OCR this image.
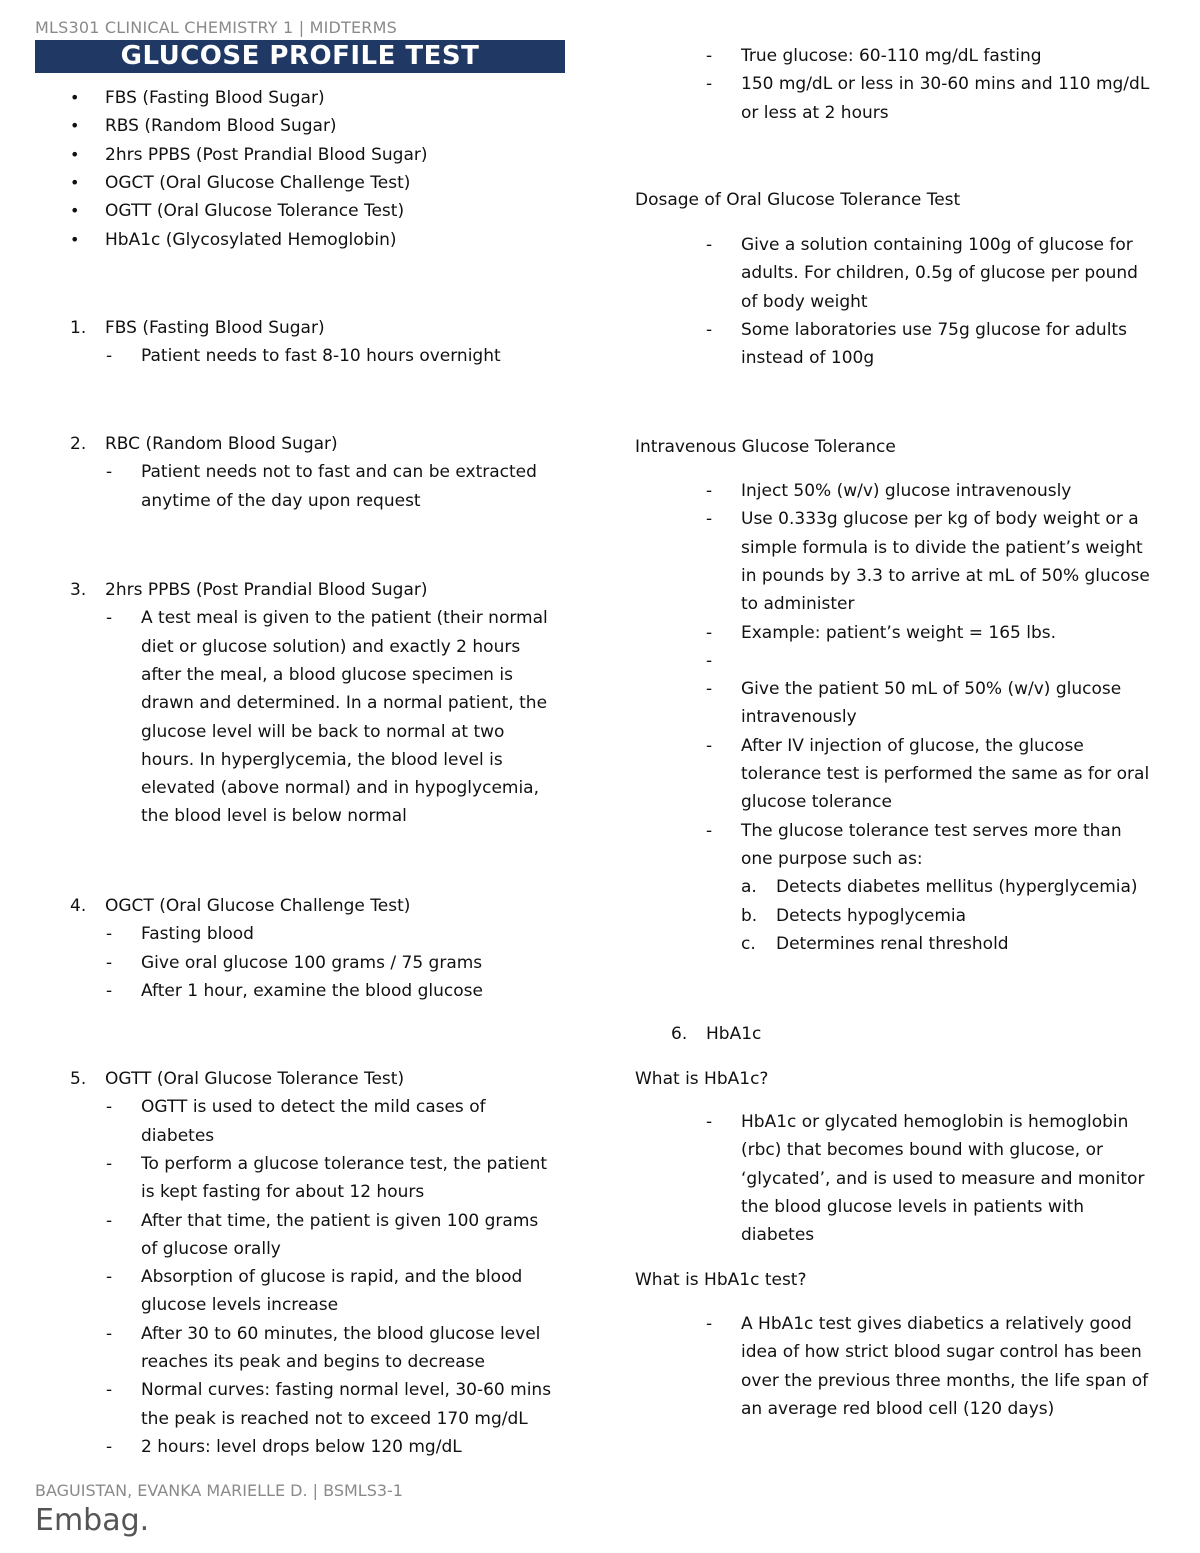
MLS301 CLINICAL CHEMISTRY 1 | MIDTERMS
GLUCOSE PROFILE TEST
• FBS (Fasting Blood Sugar)
• RBS (Random Blood Sugar)
• 2hrs PPBS (Post Prandial Blood Sugar)
• OGCT (Oral Glucose Challenge Test)
• OGTT (Oral Glucose Tolerance Test)
• HbA1c (Glycosylated Hemoglobin)
1. FBS (Fasting Blood Sugar)
- Patient needs to fast 8-10 hours overnight
2. RBC (Random Blood Sugar)
- Patient needs not to fast and can be extracted
anytime of the day upon request
3. 2hrs PPBS (Post Prandial Blood Sugar)
- A test meal is given to the patient (their normal
diet or glucose solution) and exactly 2 hours
after the meal, a blood glucose specimen is
drawn and determined. In a normal patient, the
glucose level will be back to normal at two
hours. In hyperglycemia, the blood level is
elevated (above normal) and in hypoglycemia,
the blood level is below normal
4. OGCT (Oral Glucose Challenge Test)
- Fasting blood
- Give oral glucose 100 grams / 75 grams
- After 1 hour, examine the blood glucose
5. OGTT (Oral Glucose Tolerance Test)
- OGTT is used to detect the mild cases of
diabetes
- To perform a glucose tolerance test, the patient
is kept fasting for about 12 hours
- After that time, the patient is given 100 grams
of glucose orally
- Absorption of glucose is rapid, and the blood
glucose levels increase
- After 30 to 60 minutes, the blood glucose level
reaches its peak and begins to decrease
- Normal curves: fasting normal level, 30-60 mins
the peak is reached not to exceed 170 mg/dL
- 2 hours: level drops below 120 mg/dL
- True glucose: 60-110 mg/dL fasting
- 150 mg/dL or less in 30-60 mins and 110 mg/dL
or less at 2 hours
Dosage of Oral Glucose Tolerance Test
- Give a solution containing 100g of glucose for
adults. For children, 0.5g of glucose per pound
of body weight
- Some laboratories use 75g glucose for adults
instead of 100g
Intravenous Glucose Tolerance
- Inject 50% (w/v) glucose intravenously
- Use 0.333g glucose per kg of body weight or a
simple formula is to divide the patient’s weight
in pounds by 3.3 to arrive at mL of 50% glucose
to administer
- Example: patient’s weight = 165 lbs.
-
- Give the patient 50 mL of 50% (w/v) glucose
intravenously
- After IV injection of glucose, the glucose
tolerance test is performed the same as for oral
glucose tolerance
- The glucose tolerance test serves more than
one purpose such as:
a. Detects diabetes mellitus (hyperglycemia)
b. Detects hypoglycemia
c. Determines renal threshold
6. HbA1c
What is HbA1c?
- HbA1c or glycated hemoglobin is hemoglobin
(rbc) that becomes bound with glucose, or
‘glycated’, and is used to measure and monitor
the blood glucose levels in patients with
diabetes
What is HbA1c test?
- A HbA1c test gives diabetics a relatively good
idea of how strict blood sugar control has been
over the previous three months, the life span of
an average red blood cell (120 days)
BAGUISTAN, EVANKA MARIELLE D. | BSMLS3-1
Embag.
